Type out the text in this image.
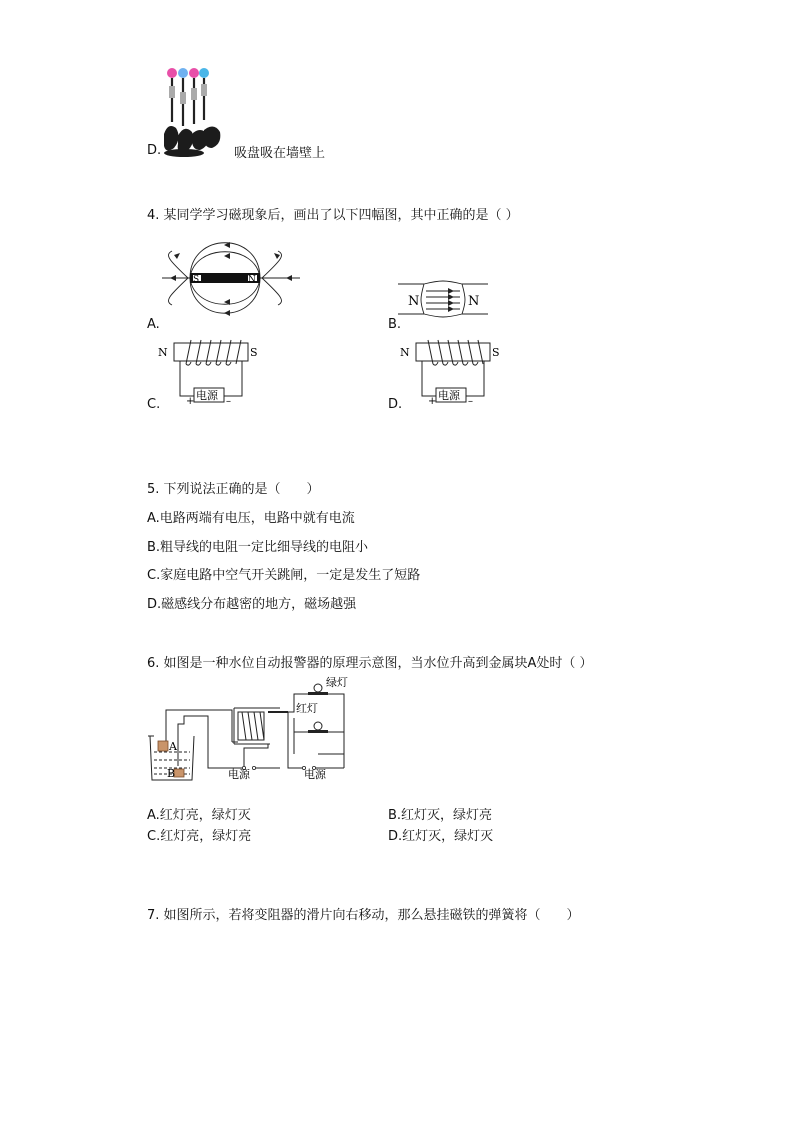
D.	吸盘吸在墙壁上
4. 某同学学习磁现象后，画出了以下四幅图，其中正确的是（ ）
S	N
A.
N	N
B.
N	S
电源
+	–
C.
N	S
电源
+	–
D.
5. 下列说法正确的是（　　）
A.电路两端有电压，电路中就有电流
B.粗导线的电阻一定比细导线的电阻小
C.家庭电路中空气开关跳闸，一定是发生了短路
D.磁感线分布越密的地方，磁场越强
6. 如图是一种水位自动报警器的原理示意图，当水位升高到金属块A处时（ ）
绿灯
红灯
A
B	电源	电源
A.红灯亮，绿灯灭	B.红灯灭，绿灯亮
C.红灯亮，绿灯亮	D.红灯灭，绿灯灭
7. 如图所示，若将变阻器的滑片向右移动，那么悬挂磁铁的弹簧将（　　）
